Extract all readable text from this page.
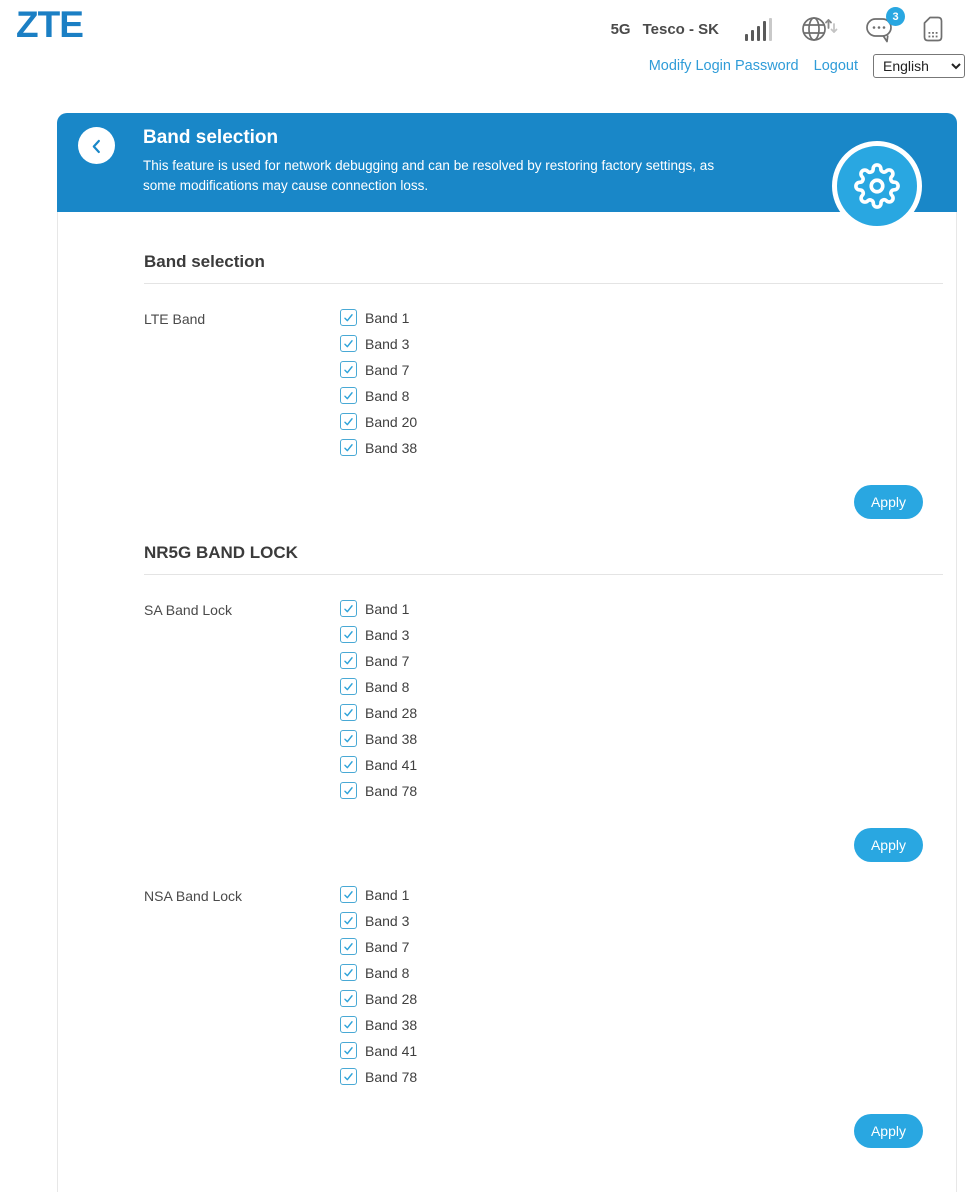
ZTE	5G Tesco - SK
3
Modify Login Password Logout
English
Band selection
This feature is used for network debugging and can be resolved by restoring factory settings, as some modifications may cause connection loss.
Band selection
LTE Band	Band 1
Band 3
Band 7
Band 8
Band 20
Band 38
Apply
NR5G BAND LOCK
SA Band Lock	Band 1
Band 3
Band 7
Band 8
Band 28
Band 38
Band 41
Band 78
Apply
NSA Band Lock	Band 1
Band 3
Band 7
Band 8
Band 28
Band 38
Band 41
Band 78
Apply
